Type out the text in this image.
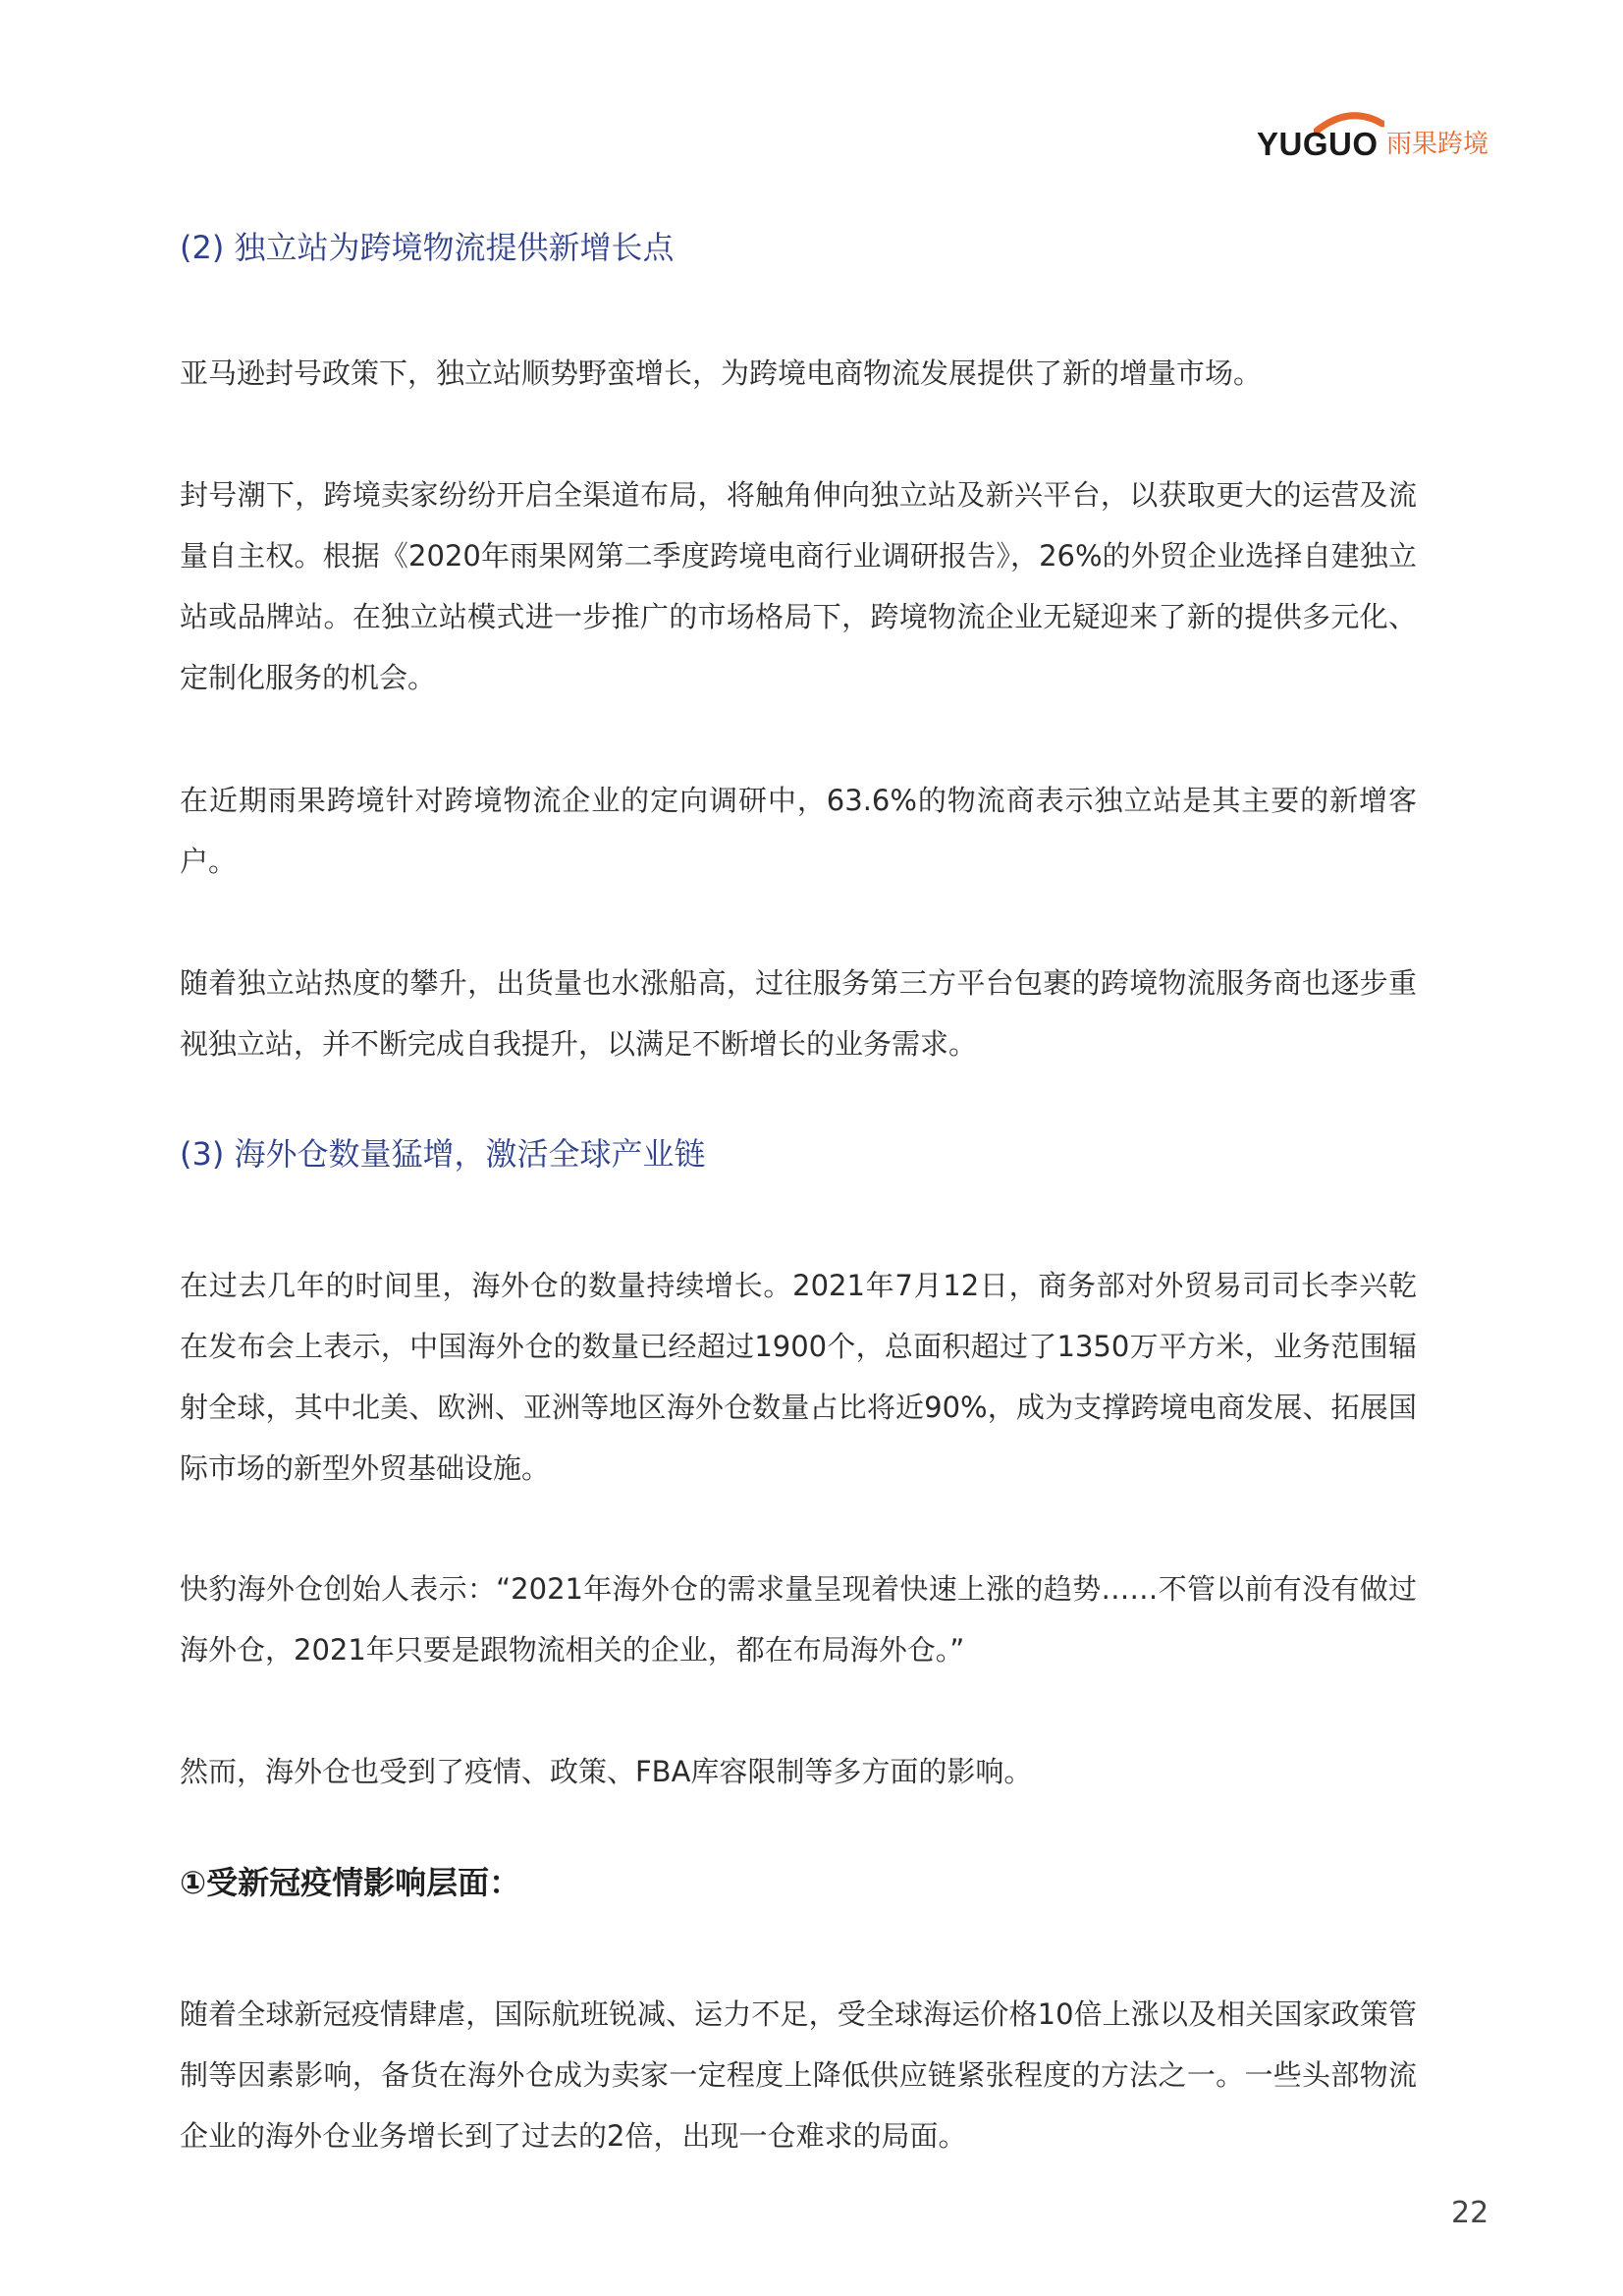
YUGUO 雨果跨境
(2) 独立站为跨境物流提供新增长点

亚马逊封号政策下，独立站顺势野蛮增长，为跨境电商物流发展提供了新的增量市场。

封号潮下，跨境卖家纷纷开启全渠道布局，将触角伸向独立站及新兴平台，以获取更大的运营及流量自主权。根据《2020年雨果网第二季度跨境电商行业调研报告》，26%的外贸企业选择自建独立站或品牌站。在独立站模式进一步推广的市场格局下，跨境物流企业无疑迎来了新的提供多元化、定制化服务的机会。

在近期雨果跨境针对跨境物流企业的定向调研中，63.6%的物流商表示独立站是其主要的新增客户。

随着独立站热度的攀升，出货量也水涨船高，过往服务第三方平台包裹的跨境物流服务商也逐步重视独立站，并不断完成自我提升，以满足不断增长的业务需求。

(3) 海外仓数量猛增，激活全球产业链

在过去几年的时间里，海外仓的数量持续增长。2021年7月12日，商务部对外贸易司司长李兴乾在发布会上表示，中国海外仓的数量已经超过1900个，总面积超过了1350万平方米，业务范围辐射全球，其中北美、欧洲、亚洲等地区海外仓数量占比将近90%，成为支撑跨境电商发展、拓展国际市场的新型外贸基础设施。

快豹海外仓创始人表示：“2021年海外仓的需求量呈现着快速上涨的趋势……不管以前有没有做过海外仓，2021年只要是跟物流相关的企业，都在布局海外仓。”

然而，海外仓也受到了疫情、政策、FBA库容限制等多方面的影响。

①受新冠疫情影响层面：

随着全球新冠疫情肆虐，国际航班锐减、运力不足，受全球海运价格10倍上涨以及相关国家政策管制等因素影响，备货在海外仓成为卖家一定程度上降低供应链紧张程度的方法之一。一些头部物流企业的海外仓业务增长到了过去的2倍，出现一仓难求的局面。

22
